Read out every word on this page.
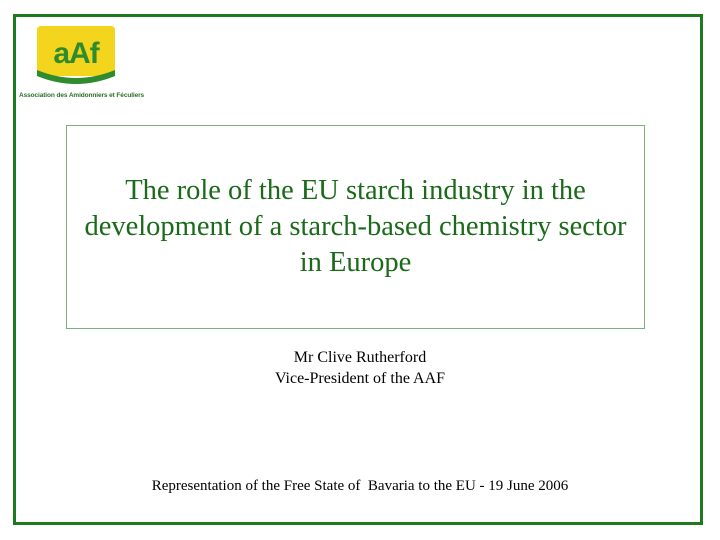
aAf
Association des Amidonniers et Féculiers
The role of the EU starch industry in the development of a starch-based chemistry sector in Europe
Mr Clive Rutherford
Vice-President of the AAF
Representation of the Free State of  Bavaria to the EU - 19 June 2006
